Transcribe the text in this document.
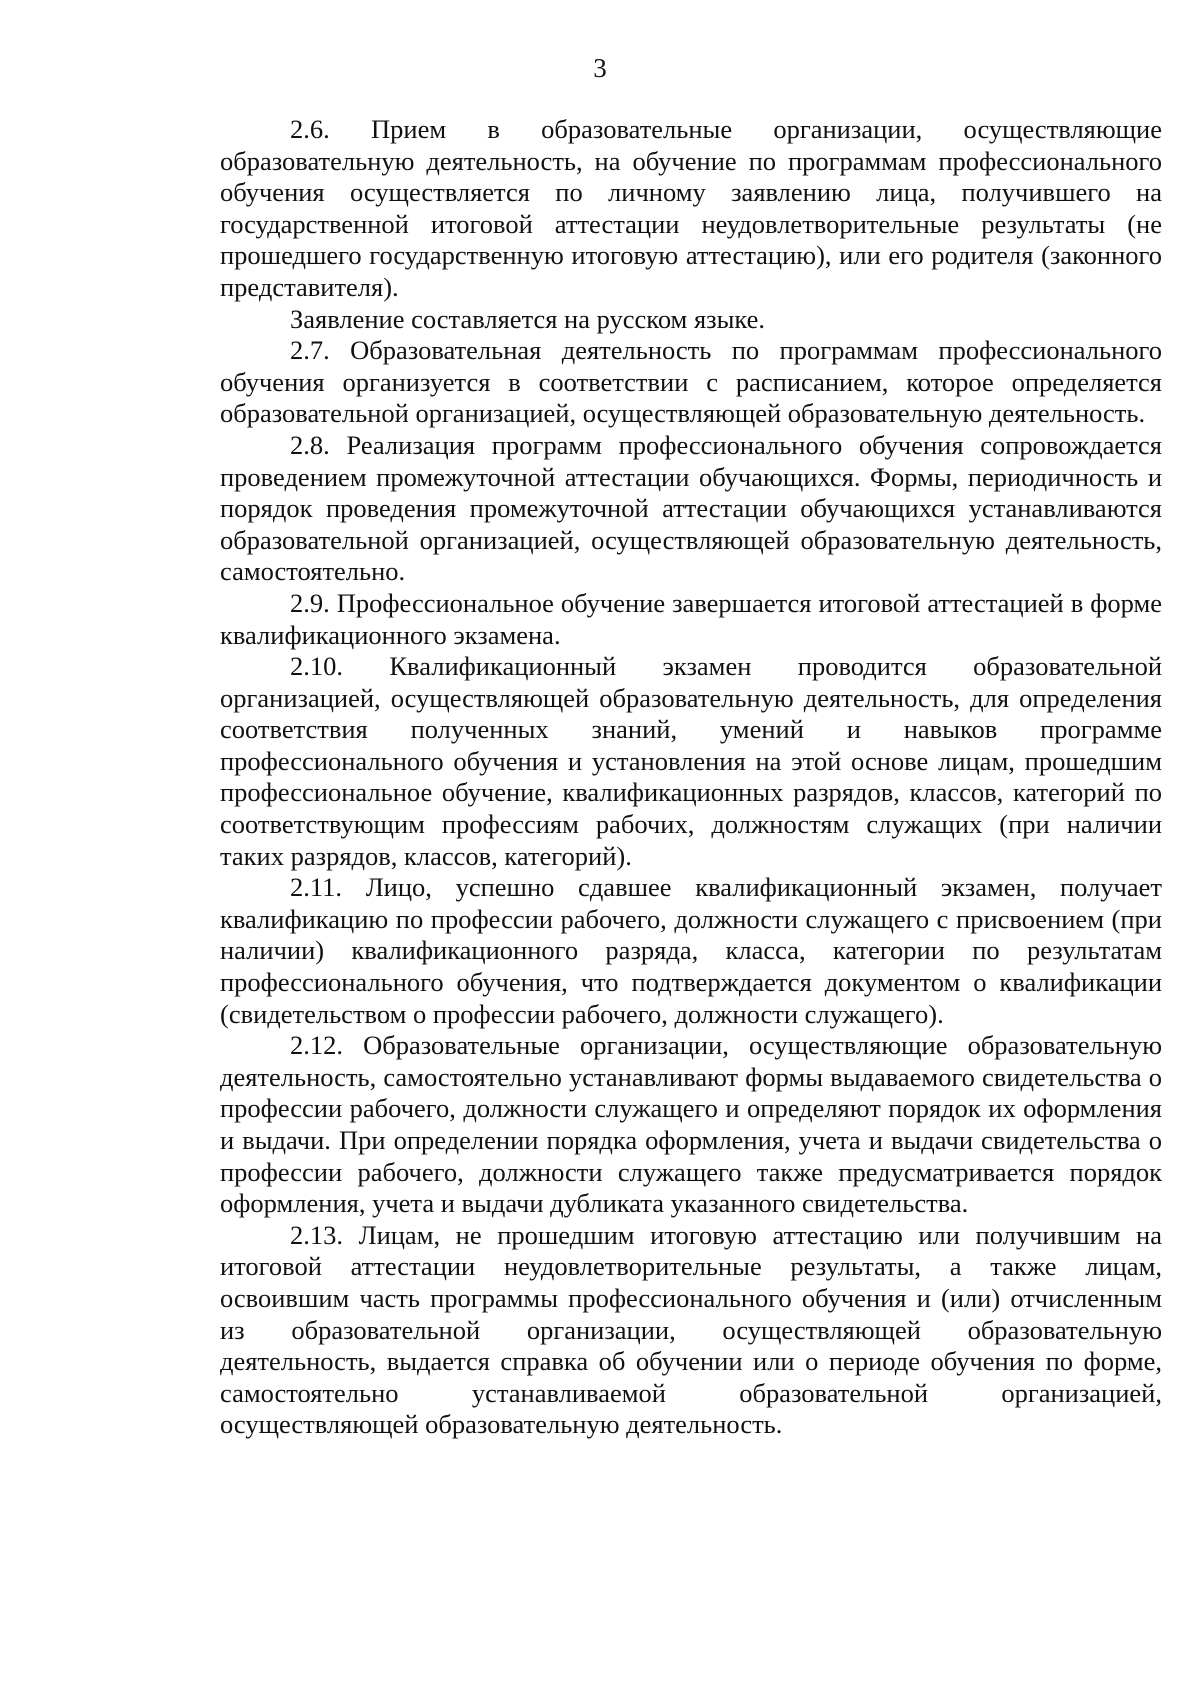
3

2.6. Прием в образовательные организации, осуществляющие образовательную деятельность, на обучение по программам профессионального обучения осуществляется по личному заявлению лица, получившего на государственной итоговой аттестации неудовлетворительные результаты (не прошедшего государственную итоговую аттестацию), или его родителя (законного представителя).

Заявление составляется на русском языке.

2.7. Образовательная деятельность по программам профессионального обучения организуется в соответствии с расписанием, которое определяется образовательной организацией, осуществляющей образовательную деятельность.

2.8. Реализация программ профессионального обучения сопровождается проведением промежуточной аттестации обучающихся. Формы, периодичность и порядок проведения промежуточной аттестации обучающихся устанавливаются образовательной организацией, осуществляющей образовательную деятельность, самостоятельно.

2.9. Профессиональное обучение завершается итоговой аттестацией в форме квалификационного экзамена.

2.10. Квалификационный экзамен проводится образовательной организацией, осуществляющей образовательную деятельность, для определения соответствия полученных знаний, умений и навыков программе профессионального обучения и установления на этой основе лицам, прошедшим профессиональное обучение, квалификационных разрядов, классов, категорий по соответствующим профессиям рабочих, должностям служащих (при наличии таких разрядов, классов, категорий).

2.11. Лицо, успешно сдавшее квалификационный экзамен, получает квалификацию по профессии рабочего, должности служащего с присвоением (при наличии) квалификационного разряда, класса, категории по результатам профессионального обучения, что подтверждается документом о квалификации (свидетельством о профессии рабочего, должности служащего).

2.12. Образовательные организации, осуществляющие образовательную деятельность, самостоятельно устанавливают формы выдаваемого свидетельства о профессии рабочего, должности служащего и определяют порядок их оформления и выдачи. При определении порядка оформления, учета и выдачи свидетельства о профессии рабочего, должности служащего также предусматривается порядок оформления, учета и выдачи дубликата указанного свидетельства.

2.13. Лицам, не прошедшим итоговую аттестацию или получившим на итоговой аттестации неудовлетворительные результаты, а также лицам, освоившим часть программы профессионального обучения и (или) отчисленным из образовательной организации, осуществляющей образовательную деятельность, выдается справка об обучении или о периоде обучения по форме, самостоятельно устанавливаемой образовательной организацией, осуществляющей образовательную деятельность.
